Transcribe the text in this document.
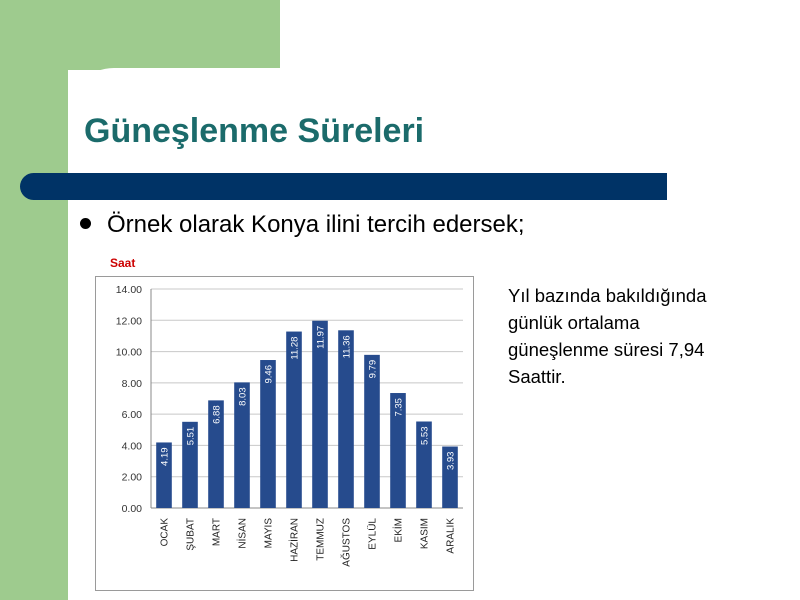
Güneşlenme Süreleri
Örnek olarak Konya ilini tercih edersek;
Saat
0.00
2.00
4.00
6.00
8.00
10.00
12.00
14.00
4.19
OCAK
5.51
ŞUBAT
6.88
MART
8.03
NİSAN
9.46
MAYIS
11.28
HAZİRAN
11.97
TEMMUZ
11.36
AĞUSTOS
9.79
EYLÜL
7.35
EKİM
5.53
KASIM
3.93
ARALIK
Yıl bazında bakıldığında
günlük ortalama
güneşlenme süresi 7,94
Saattir.
